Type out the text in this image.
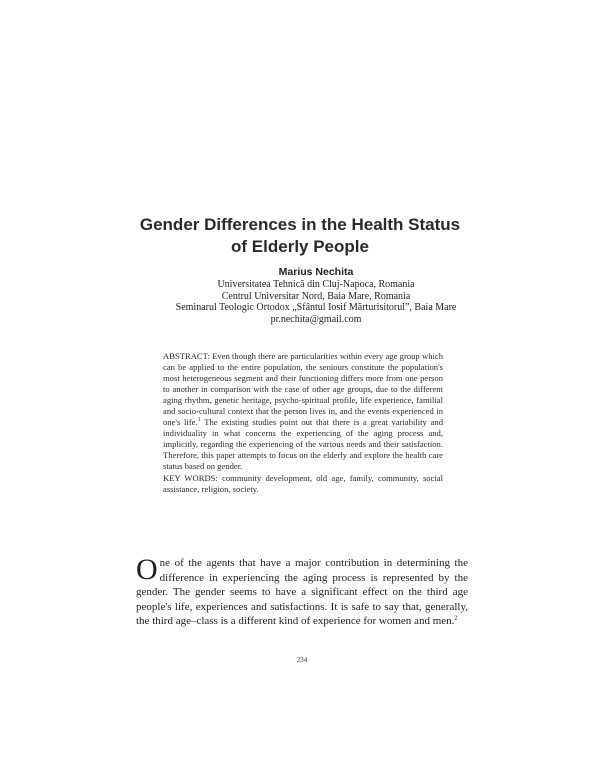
Gender Differences in the Health Status
of Elderly People
Marius Nechita
Universitatea Tehnică din Cluj-Napoca, Romania
Centrul Universitar Nord, Baia Mare, Romania
Seminarul Teologic Ortodox „Sfântul Iosif Mărturisitorul”, Baia Mare
pr.nechita@gmail.com

ABSTRACT: Even though there are particularities within every age group which can be applied to the entire population, the seniours constitute the population's most heterogeneous segment and their functioning differs more from one person to another in comparison with the case of other age groups, due to the different aging rhythm, genetic heritage, psycho-spiritual profile, life experience, familial and socio-cultural context that the person lives in, and the events experienced in one's life.$^1$ The existing studies point out that there is a great variability and individuality in what concerns the experiencing of the aging process and, implicitly, regarding the experiencing of the various needs and their satisfaction. Therefore, this paper attempts to focus on the elderly and explore the health care status based on gender.

KEY WORDS: community development, old age, family, community, social assistance, religion, society.

One of the agents that have a major contribution in determining the difference in experiencing the aging process is represented by the gender. The gender seems to have a significant effect on the third age people's life, experiences and satisfactions. It is safe to say that, generally, the third age–class is a different kind of experience for women and men.$^2$

234
